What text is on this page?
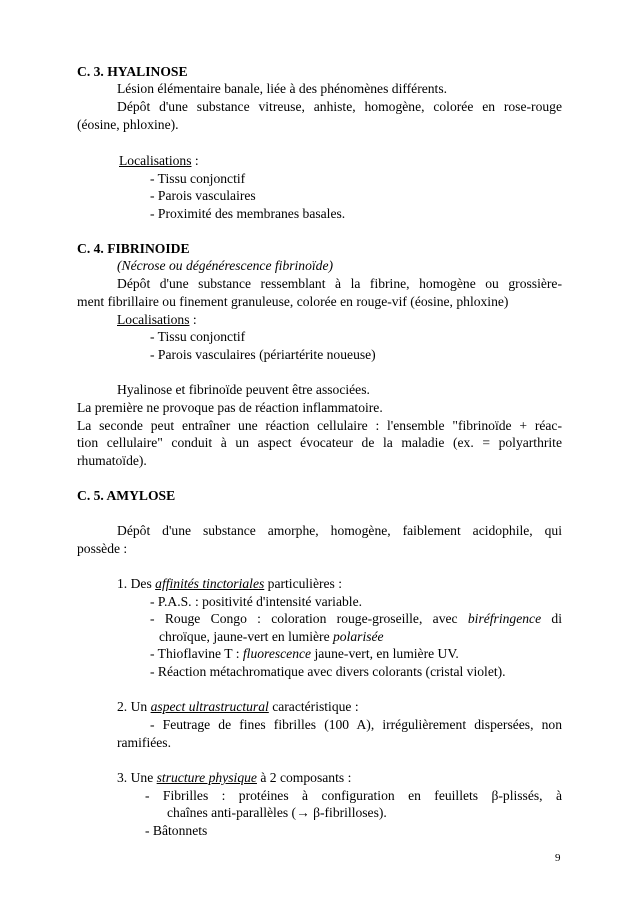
C. 3. HYALINOSE
Lésion élémentaire banale, liée à des phénomènes différents.
Dépôt d'une substance vitreuse, anhiste, homogène, colorée en rose-rouge
(éosine, phloxine).
Localisations :
- Tissu conjonctif
- Parois vasculaires
- Proximité des membranes basales.
C. 4. FIBRINOIDE
(Nécrose ou dégénérescence fibrinoïde)
Dépôt d'une substance ressemblant à la fibrine, homogène ou grossière-
ment fibrillaire ou finement granuleuse, colorée en rouge-vif (éosine, phloxine)
Localisations :
- Tissu conjonctif
- Parois vasculaires (périartérite noueuse)
Hyalinose et fibrinoïde peuvent être associées.
La première ne provoque pas de réaction inflammatoire.
La seconde peut entraîner une réaction cellulaire : l'ensemble "fibrinoïde + réac-
tion cellulaire" conduit à un aspect évocateur de la maladie (ex. = polyarthrite
rhumatoïde).
C. 5. AMYLOSE
Dépôt d'une substance amorphe, homogène, faiblement acidophile, qui
possède :
1. Des affinités tinctoriales particulières :
- P.A.S. : positivité d'intensité variable.
- Rouge Congo : coloration rouge-groseille, avec biréfringence di
chroïque, jaune-vert en lumière polarisée
- Thioflavine T : fluorescence jaune-vert, en lumière UV.
- Réaction métachromatique avec divers colorants (cristal violet).
2. Un aspect ultrastructural caractéristique :
- Feutrage de fines fibrilles (100 A), irrégulièrement dispersées, non
ramifiées.
3. Une structure physique à 2 composants :
- Fibrilles : protéines à configuration en feuillets β-plissés, à
chaînes anti-parallèles (→ β-fibrilloses).
- Bâtonnets
9
